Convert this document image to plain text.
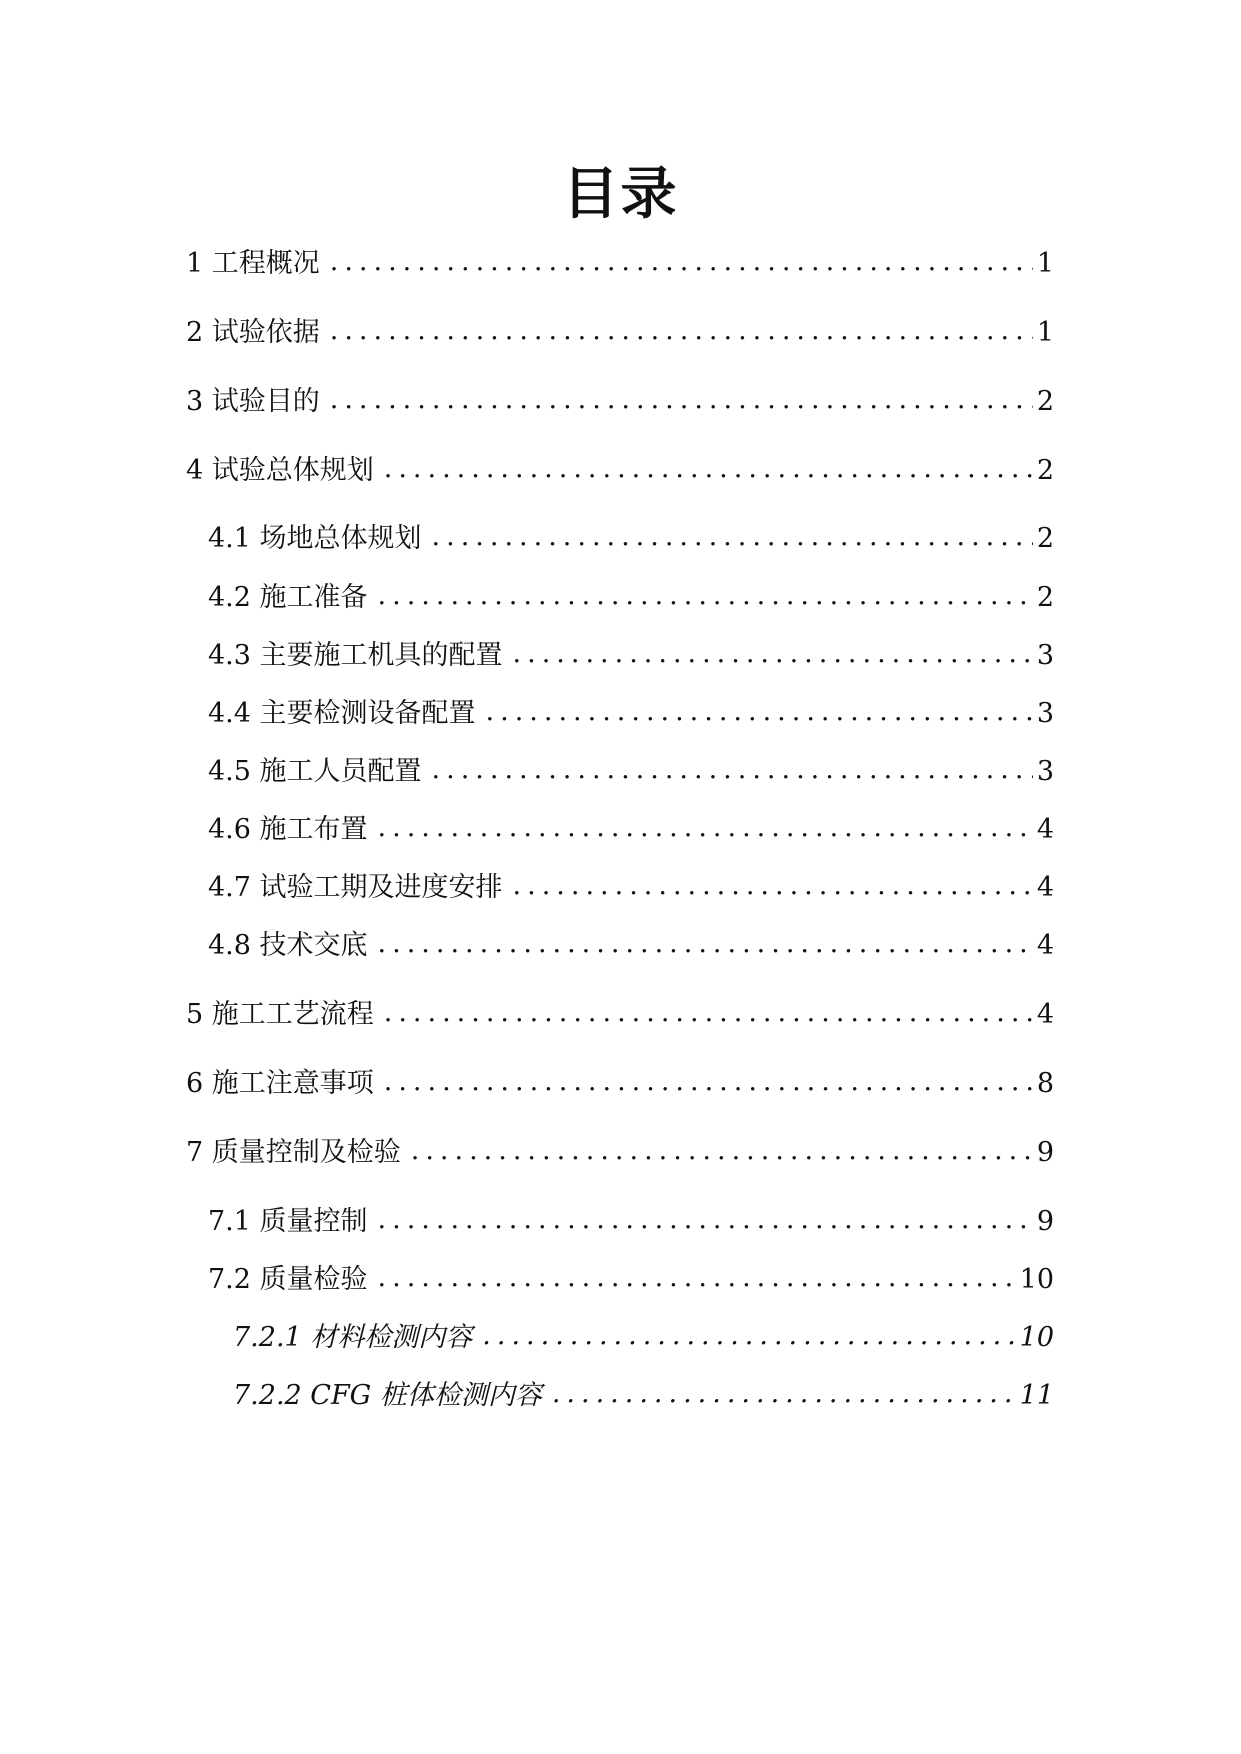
目录
1 工程概况 .....	1
2 试验依据 .....	1
3 试验目的 .....	2
4 试验总体规划 .....	2
4.1 场地总体规划 .....	2
4.2 施工准备 .....	2
4.3 主要施工机具的配置 .....	3
4.4 主要检测设备配置 .....	3
4.5 施工人员配置 .....	3
4.6 施工布置 .....	4
4.7 试验工期及进度安排 .....	4
4.8 技术交底 .....	4
5 施工工艺流程 .....	4
6 施工注意事项 .....	8
7 质量控制及检验 .....	9
7.1 质量控制 .....	9
7.2 质量检验 .....	10
7.2.1 材料检测内容 .....	10
7.2.2 CFG 桩体检测内容 .....	11
